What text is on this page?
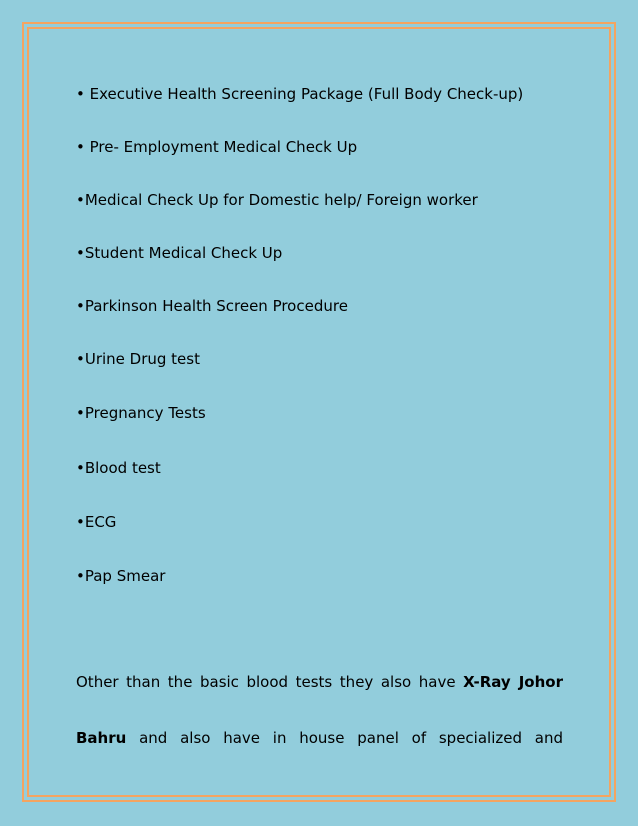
• Executive Health Screening Package (Full Body Check-up)
• Pre- Employment Medical Check Up
•Medical Check Up for Domestic help/ Foreign worker
•Student Medical Check Up
•Parkinson Health Screen Procedure
•Urine Drug test
•Pregnancy Tests
•Blood test
•ECG
•Pap Smear
Other than the basic blood tests they also have X-Ray Johor
Bahru and also have in house panel of specialized and
